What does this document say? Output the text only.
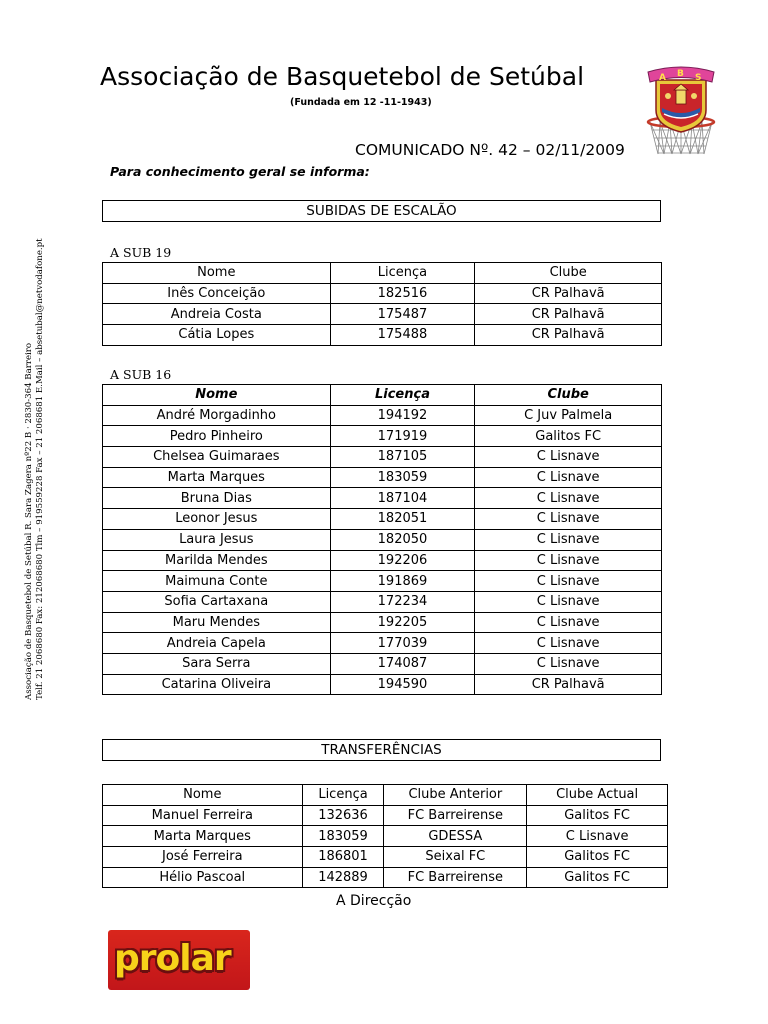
Associação de Basquetebol de Setúbal
(Fundada em 12 -11-1943)
A B S
COMUNICADO Nº. 42 – 02/11/2009
Para conhecimento geral se informa:
SUBIDAS DE ESCALÃO
A SUB 19
Nome	Licença	Clube
Inês Conceição	182516	CR Palhavã
Andreia Costa	175487	CR Palhavã
Cátia Lopes	175488	CR Palhavã
A SUB 16
Nome	Licença	Clube
André Morgadinho	194192	C Juv Palmela
Pedro Pinheiro	171919	Galitos FC
Chelsea Guimaraes	187105	C Lisnave
Marta Marques	183059	C Lisnave
Bruna Dias	187104	C Lisnave
Leonor Jesus	182051	C Lisnave
Laura Jesus	182050	C Lisnave
Marilda Mendes	192206	C Lisnave
Maimuna Conte	191869	C Lisnave
Sofia Cartaxana	172234	C Lisnave
Maru Mendes	192205	C Lisnave
Andreia Capela	177039	C Lisnave
Sara Serra	174087	C Lisnave
Catarina Oliveira	194590	CR Palhavã
TRANSFERÊNCIAS
Nome	Licença	Clube Anterior	Clube Actual
Manuel Ferreira	132636	FC Barreirense	Galitos FC
Marta Marques	183059	GDESSA	C Lisnave
José Ferreira	186801	Seixal FC	Galitos FC
Hélio Pascoal	142889	FC Barreirense	Galitos FC
A Direcção
Associação de Basquetebol de Setúbal R. Sara Zagera nº22 B · 2830-364 Barreiro Telf. 21 2068680 Fax: 212068680 Tlm – 919559228 Fax – 21 2068681 E.Mail – absetubal@netvodafone.pt
prolar
